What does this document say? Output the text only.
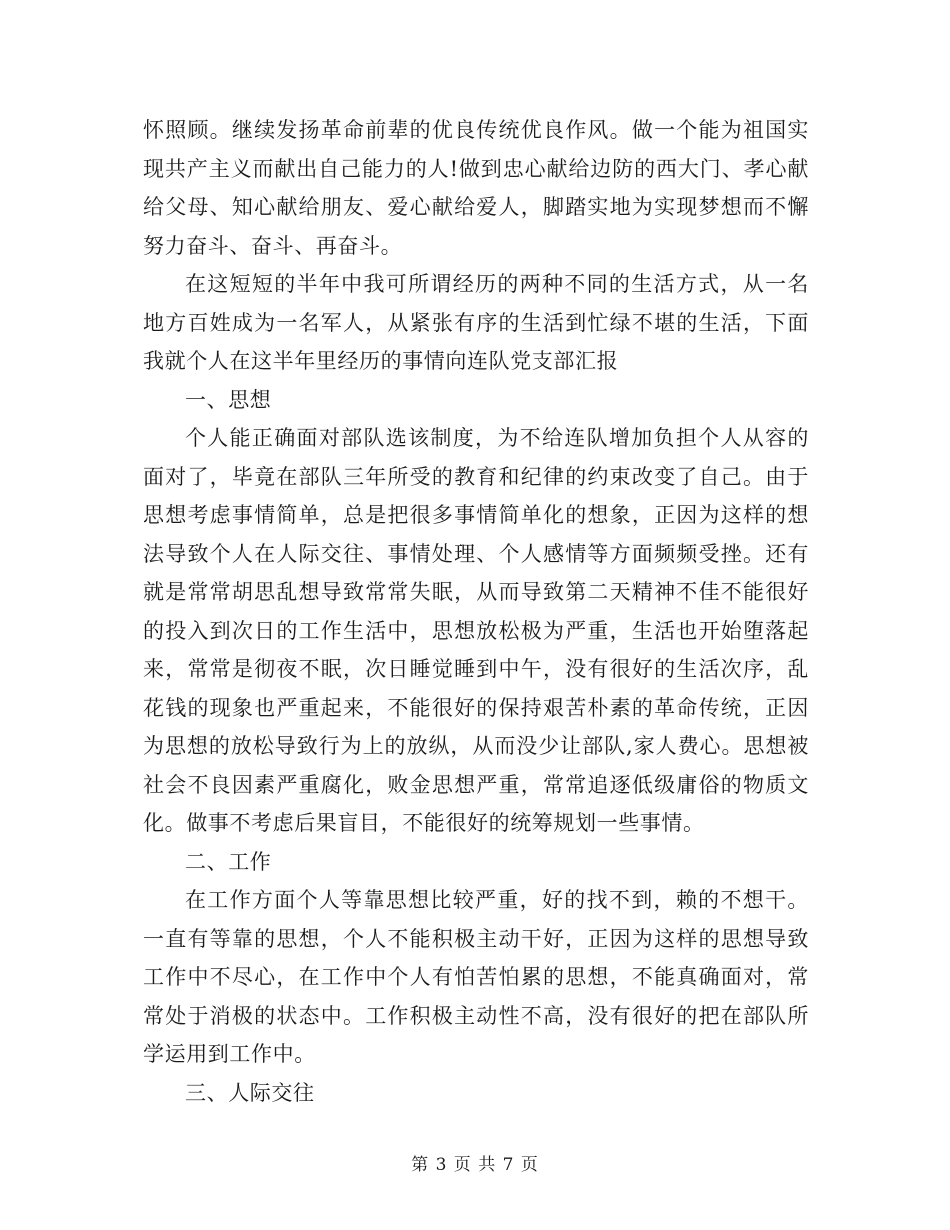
怀照顾。继续发扬革命前辈的优良传统优良作风。做一个能为祖国实现共产主义而献出自己能力的人!做到忠心献给边防的西大门、孝心献给父母、知心献给朋友、爱心献给爱人，脚踏实地为实现梦想而不懈努力奋斗、奋斗、再奋斗。

在这短短的半年中我可所谓经历的两种不同的生活方式，从一名地方百姓成为一名军人，从紧张有序的生活到忙绿不堪的生活，下面我就个人在这半年里经历的事情向连队党支部汇报

一、思想

个人能正确面对部队选该制度，为不给连队增加负担个人从容的面对了，毕竟在部队三年所受的教育和纪律的约束改变了自己。由于思想考虑事情简单，总是把很多事情简单化的想象，正因为这样的想法导致个人在人际交往、事情处理、个人感情等方面频频受挫。还有就是常常胡思乱想导致常常失眠，从而导致第二天精神不佳不能很好的投入到次日的工作生活中，思想放松极为严重，生活也开始堕落起来，常常是彻夜不眠，次日睡觉睡到中午，没有很好的生活次序，乱花钱的现象也严重起来，不能很好的保持艰苦朴素的革命传统，正因为思想的放松导致行为上的放纵，从而没少让部队,家人费心。思想被社会不良因素严重腐化，败金思想严重，常常追逐低级庸俗的物质文化。做事不考虑后果盲目，不能很好的统筹规划一些事情。

二、工作

在工作方面个人等靠思想比较严重，好的找不到，赖的不想干。一直有等靠的思想，个人不能积极主动干好，正因为这样的思想导致工作中不尽心，在工作中个人有怕苦怕累的思想，不能真确面对，常常处于消极的状态中。工作积极主动性不高，没有很好的把在部队所学运用到工作中。

三、人际交往

第 3 页 共 7 页
